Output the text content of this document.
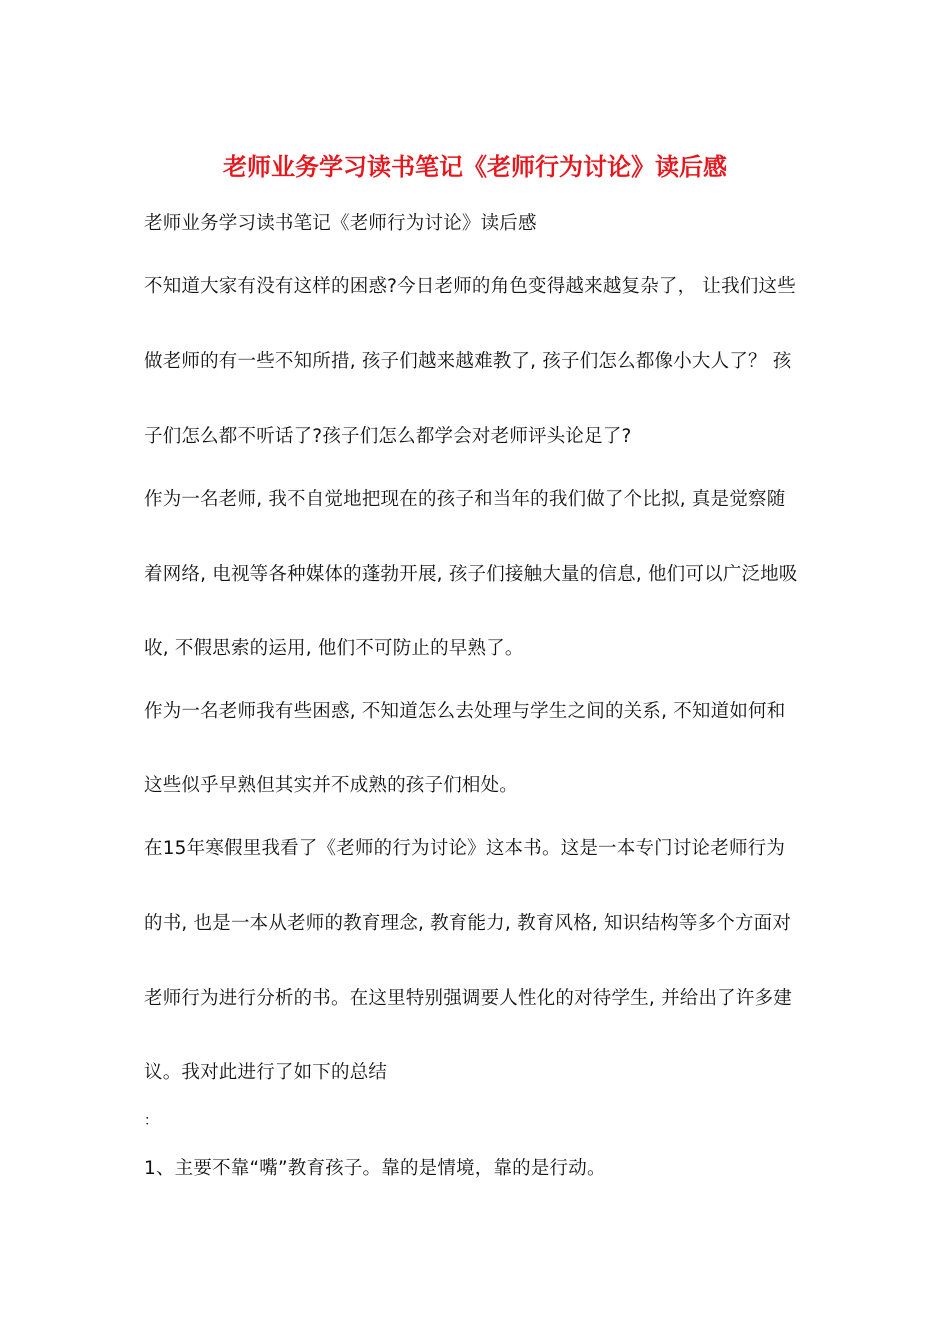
老师业务学习读书笔记《老师行为讨论》读后感
老师业务学习读书笔记《老师行为讨论》读后感
不知道大家有没有这样的困惑?今日老师的角色变得越来越复杂了， 让我们这些
做老师的有一些不知所措, 孩子们越来越难教了, 孩子们怎么都像小大人了？ 孩
子们怎么都不听话了?孩子们怎么都学会对老师评头论足了?
作为一名老师, 我不自觉地把现在的孩子和当年的我们做了个比拟, 真是觉察随
着网络, 电视等各种媒体的蓬勃开展, 孩子们接触大量的信息, 他们可以广泛地吸
收, 不假思索的运用, 他们不可防止的早熟了。
作为一名老师我有些困惑, 不知道怎么去处理与学生之间的关系, 不知道如何和
这些似乎早熟但其实并不成熟的孩子们相处。
在15年寒假里我看了《老师的行为讨论》这本书。这是一本专门讨论老师行为
的书, 也是一本从老师的教育理念, 教育能力, 教育风格, 知识结构等多个方面对
老师行为进行分析的书。在这里特别强调要人性化的对待学生, 并给出了许多建
议。我对此进行了如下的总结
：
1、主要不靠“嘴”教育孩子。靠的是情境，靠的是行动。
